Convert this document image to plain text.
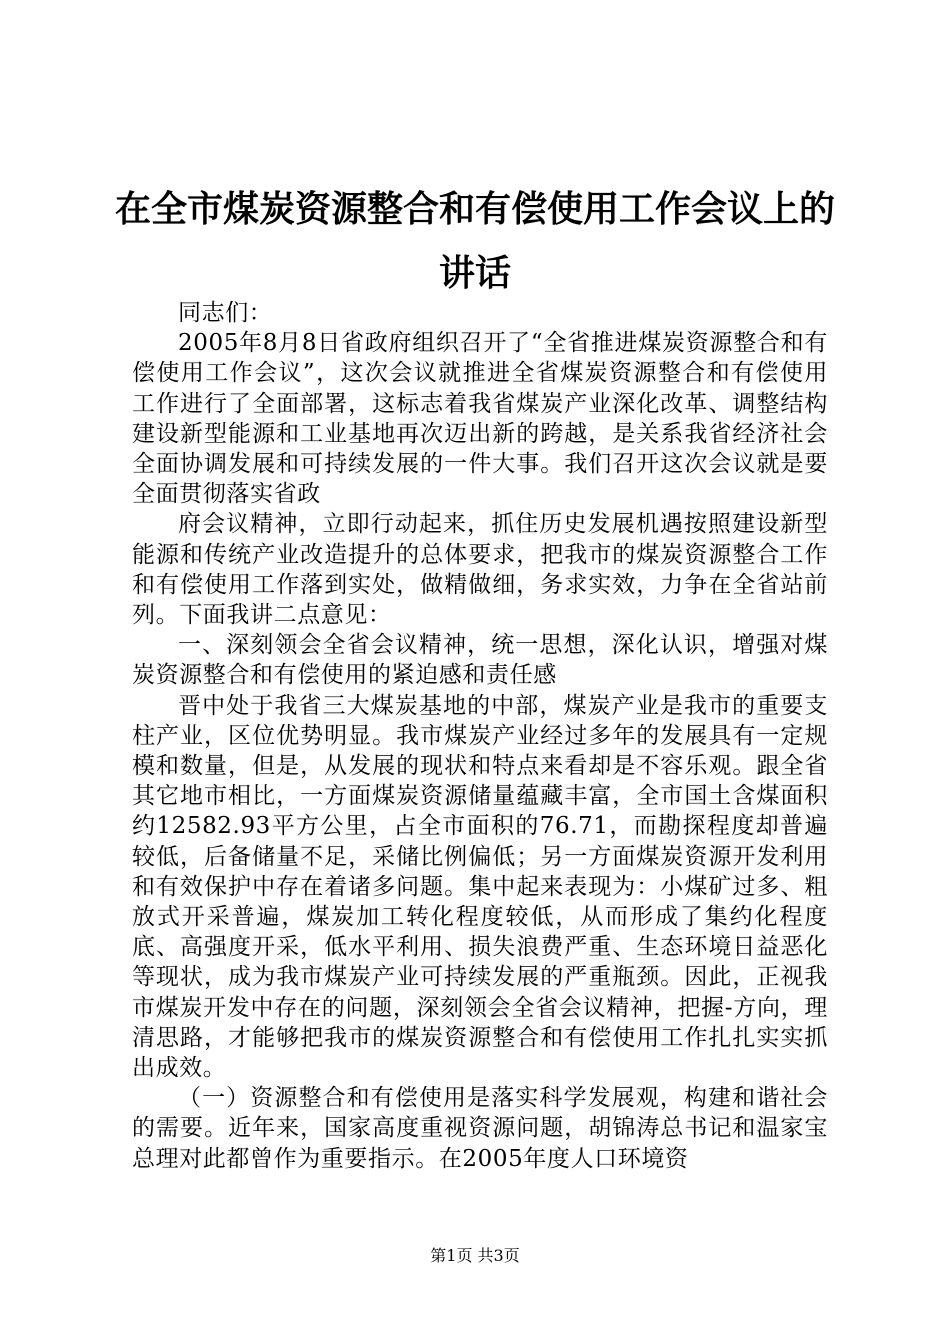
在全市煤炭资源整合和有偿使用工作会议上的讲话

同志们：

2005年8月8日省政府组织召开了“全省推进煤炭资源整合和有偿使用工作会议”，这次会议就推进全省煤炭资源整合和有偿使用工作进行了全面部署，这标志着我省煤炭产业深化改革、调整结构建设新型能源和工业基地再次迈出新的跨越，是关系我省经济社会全面协调发展和可持续发展的一件大事。我们召开这次会议就是要全面贯彻落实省政

府会议精神，立即行动起来，抓住历史发展机遇按照建设新型能源和传统产业改造提升的总体要求，把我市的煤炭资源整合工作和有偿使用工作落到实处，做精做细，务求实效，力争在全省站前列。下面我讲二点意见：

一、深刻领会全省会议精神，统一思想，深化认识，增强对煤炭资源整合和有偿使用的紧迫感和责任感

晋中处于我省三大煤炭基地的中部，煤炭产业是我市的重要支柱产业，区位优势明显。我市煤炭产业经过多年的发展具有一定规模和数量，但是，从发展的现状和特点来看却是不容乐观。跟全省其它地市相比，一方面煤炭资源储量蕴藏丰富，全市国土含煤面积约12582.93平方公里，占全市面积的76.71，而勘探程度却普遍较低，后备储量不足，采储比例偏低；另一方面煤炭资源开发利用和有效保护中存在着诸多问题。集中起来表现为：小煤矿过多、粗放式开采普遍，煤炭加工转化程度较低，从而形成了集约化程度底、高强度开采，低水平利用、损失浪费严重、生态环境日益恶化等现状，成为我市煤炭产业可持续发展的严重瓶颈。因此，正视我市煤炭开发中存在的问题，深刻领会全省会议精神，把握-方向，理清思路，才能够把我市的煤炭资源整合和有偿使用工作扎扎实实抓出成效。

（一）资源整合和有偿使用是落实科学发展观，构建和谐社会的需要。近年来，国家高度重视资源问题，胡锦涛总书记和温家宝总理对此都曾作为重要指示。在2005年度人口环境资

第1页 共3页
